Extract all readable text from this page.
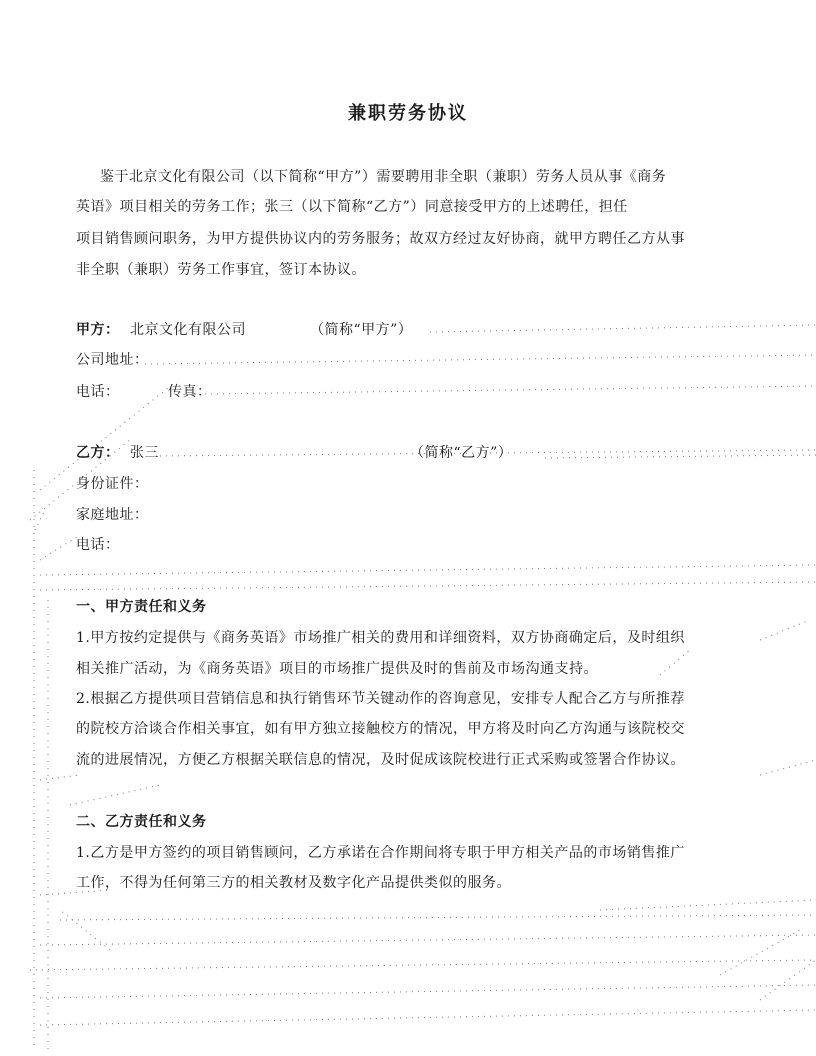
兼职劳务协议
鉴于北京文化有限公司（以下简称“甲方”）需要聘用非全职（兼职）劳务人员从事《商务
英语》项目相关的劳务工作；张三（以下简称“乙方”）同意接受甲方的上述聘任，担任
项目销售顾问职务，为甲方提供协议内的劳务服务；故双方经过友好协商，就甲方聘任乙方从事
非全职（兼职）劳务工作事宜，签订本协议。
甲方： 北京文化有限公司	（简称“甲方”）
公司地址：
电话：	传真：
乙方： 张三	（简称“乙方”）
身份证件：
家庭地址：
电话：
一、甲方责任和义务
1.甲方按约定提供与《商务英语》市场推广相关的费用和详细资料，双方协商确定后，及时组织
相关推广活动，为《商务英语》项目的市场推广提供及时的售前及市场沟通支持。
2.根据乙方提供项目营销信息和执行销售环节关键动作的咨询意见，安排专人配合乙方与所推荐
的院校方洽谈合作相关事宜，如有甲方独立接触校方的情况，甲方将及时向乙方沟通与该院校交
流的进展情况，方便乙方根据关联信息的情况，及时促成该院校进行正式采购或签署合作协议。
二、乙方责任和义务
1.乙方是甲方签约的项目销售顾问，乙方承诺在合作期间将专职于甲方相关产品的市场销售推广
工作，不得为任何第三方的相关教材及数字化产品提供类似的服务。
